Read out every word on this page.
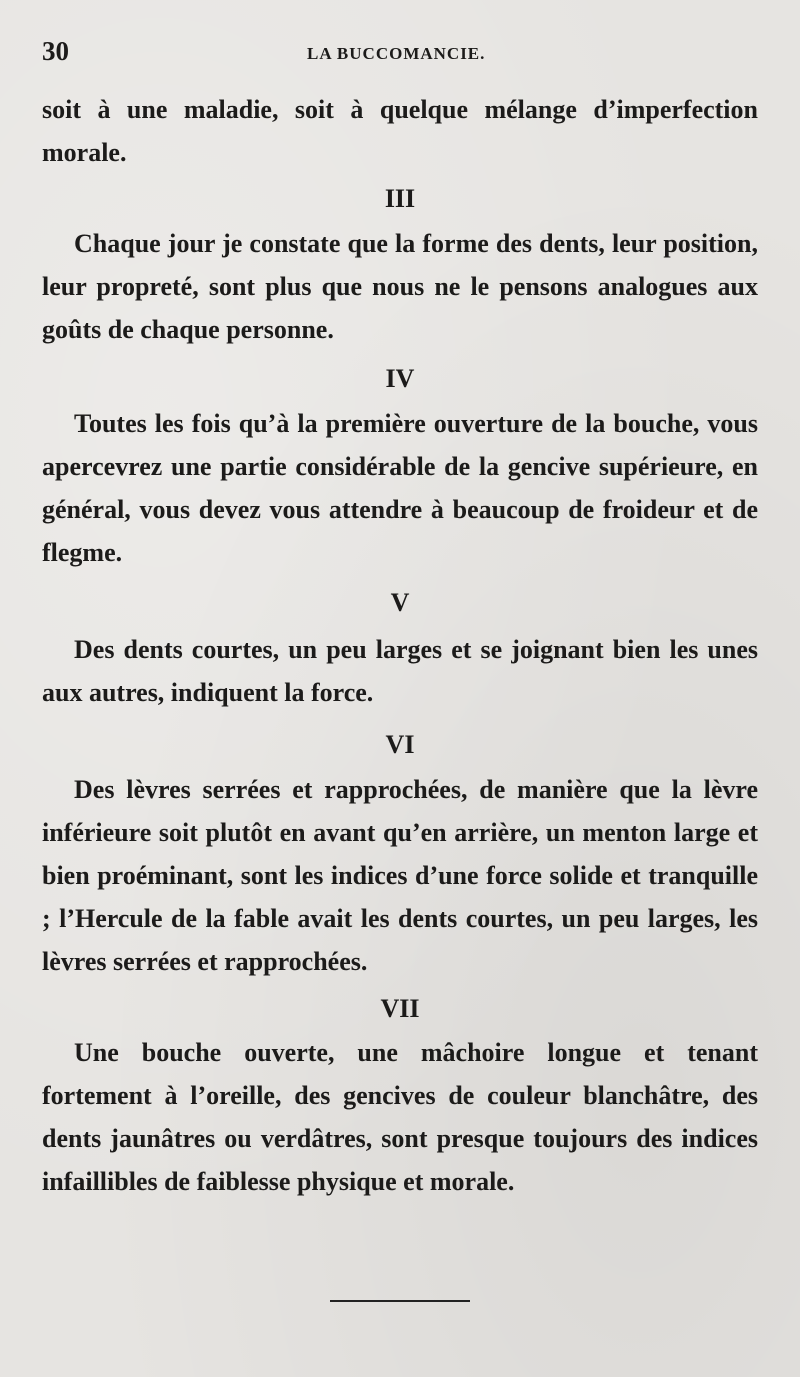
30	LA BUCCOMANCIE.
soit à une maladie, soit à quelque mélange d’imperfection morale.
III
Chaque jour je constate que la forme des dents, leur position, leur propreté, sont plus que nous ne le pensons analogues aux goûts de chaque personne.
IV
Toutes les fois qu’à la première ouverture de la bouche, vous apercevrez une partie considérable de la gencive supérieure, en général, vous devez vous attendre à beaucoup de froideur et de flegme.
V
Des dents courtes, un peu larges et se joignant bien les unes aux autres, indiquent la force.
VI
Des lèvres serrées et rapprochées, de manière que la lèvre inférieure soit plutôt en avant qu’en arrière, un menton large et bien proéminant, sont les indices d’une force solide et tranquille ; l’Hercule de la fable avait les dents courtes, un peu larges, les lèvres serrées et rapprochées.
VII
Une bouche ouverte, une mâchoire longue et tenant fortement à l’oreille, des gencives de couleur blanchâtre, des dents jaunâtres ou verdâtres, sont presque toujours des indices infaillibles de faiblesse physique et morale.
